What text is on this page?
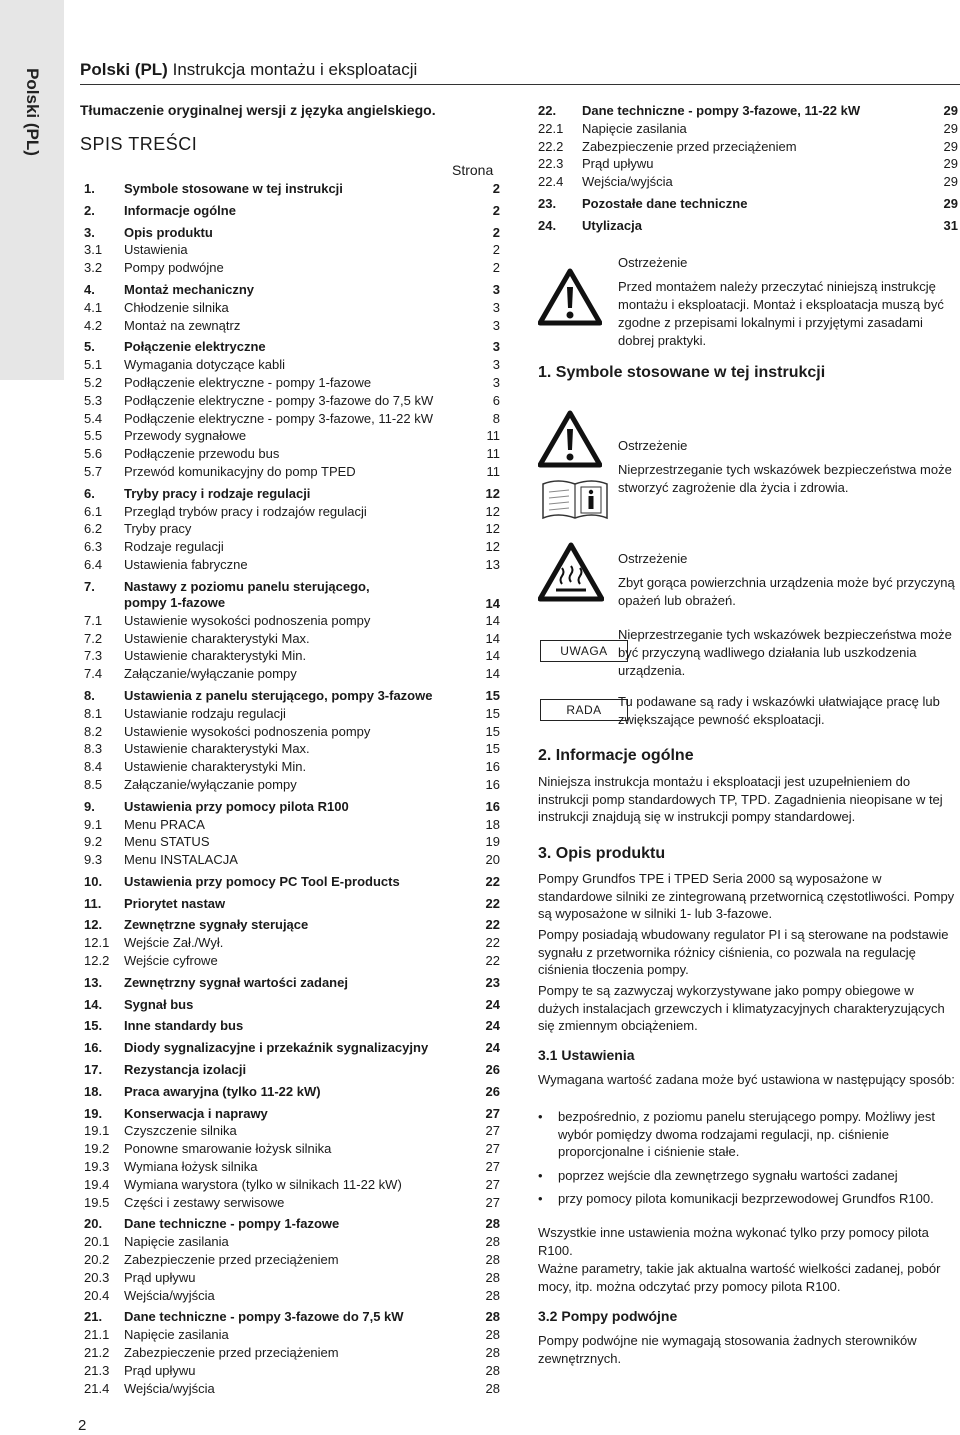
Polski (PL) Polski (PL) Instrukcja montażu i eksploatacji
Tłumaczenie oryginalnej wersji z języka angielskiego.
SPIS TREŚCI
Strona
1. Symbole stosowane w tej instrukcji	2
2. Informacje ogólne	2
3. Opis produktu	2
3.1 Ustawienia	2
3.2 Pompy podwójne	2
4. Montaż mechaniczny	3
4.1 Chłodzenie silnika	3
4.2 Montaż na zewnątrz	3
5. Połączenie elektryczne	3
5.1 Wymagania dotyczące kabli	3
5.2 Podłączenie elektryczne - pompy 1-fazowe	3
5.3 Podłączenie elektryczne - pompy 3-fazowe do 7,5 kW	6
5.4 Podłączenie elektryczne - pompy 3-fazowe, 11-22 kW	8
5.5 Przewody sygnałowe	11
5.6 Podłączenie przewodu bus	11
5.7 Przewód komunikacyjny do pomp TPED	11
6. Tryby pracy i rodzaje regulacji	12
6.1 Przegląd trybów pracy i rodzajów regulacji	12
6.2 Tryby pracy	12
6.3 Rodzaje regulacji	12
6.4 Ustawienia fabryczne	13
7. Nastawy z poziomu panelu sterującego, pompy 1-fazowe	14
7.1 Ustawienie wysokości podnoszenia pompy	14
7.2 Ustawienie charakterystyki Max.	14
7.3 Ustawienie charakterystyki Min.	14
7.4 Załączanie/wyłączanie pompy	14
8. Ustawienia z panelu sterującego, pompy 3-fazowe	15
8.1 Ustawianie rodzaju regulacji	15
8.2 Ustawienie wysokości podnoszenia pompy	15
8.3 Ustawienie charakterystyki Max.	15
8.4 Ustawienie charakterystyki Min.	16
8.5 Załączanie/wyłączanie pompy	16
9. Ustawienia przy pomocy pilota R100	16
9.1 Menu PRACA	18
9.2 Menu STATUS	19
9.3 Menu INSTALACJA	20
10. Ustawienia przy pomocy PC Tool E-products	22
11. Priorytet nastaw	22
12. Zewnętrzne sygnały sterujące	22
12.1 Wejście Zał./Wył.	22
12.2 Wejście cyfrowe	22
13. Zewnętrzny sygnał wartości zadanej	23
14. Sygnał bus	24
15. Inne standardy bus	24
16. Diody sygnalizacyjne i przekaźnik sygnalizacyjny	24
17. Rezystancja izolacji	26
18. Praca awaryjna (tylko 11-22 kW)	26
19. Konserwacja i naprawy	27
19.1 Czyszczenie silnika	27
19.2 Ponowne smarowanie łożysk silnika	27
19.3 Wymiana łożysk silnika	27
19.4 Wymiana warystora (tylko w silnikach 11-22 kW)	27
19.5 Części i zestawy serwisowe	27
20. Dane techniczne - pompy 1-fazowe	28
20.1 Napięcie zasilania	28
20.2 Zabezpieczenie przed przeciążeniem	28
20.3 Prąd upływu	28
20.4 Wejścia/wyjścia	28
21. Dane techniczne - pompy 3-fazowe do 7,5 kW	28
21.1 Napięcie zasilania	28
21.2 Zabezpieczenie przed przeciążeniem	28
21.3 Prąd upływu	28
21.4 Wejścia/wyjścia	28
22. Dane techniczne - pompy 3-fazowe, 11-22 kW	29
22.1 Napięcie zasilania	29
22.2 Zabezpieczenie przed przeciążeniem	29
22.3 Prąd upływu	29
22.4 Wejścia/wyjścia	29
23. Pozostałe dane techniczne	29
24. Utylizacja	31
Ostrzeżenie
Przed montażem należy przeczytać niniejszą instrukcję montażu i eksploatacji. Montaż i eksploatacja muszą być zgodne z przepisami lokalnymi i przyjętymi zasadami dobrej praktyki.
1. Symbole stosowane w tej instrukcji
Ostrzeżenie
Nieprzestrzeganie tych wskazówek bezpieczeństwa może stworzyć zagrożenie dla życia i zdrowia.
Ostrzeżenie
Zbyt gorąca powierzchnia urządzenia może być przyczyną opażeń lub obrażeń.
UWAGA
Nieprzestrzeganie tych wskazówek bezpieczeństwa może być przyczyną wadliwego działania lub uszkodzenia urządzenia.
RADA
Tu podawane są rady i wskazówki ułatwiające pracę lub zwiększające pewność eksploatacji.
2. Informacje ogólne
Niniejsza instrukcja montażu i eksploatacji jest uzupełnieniem do instrukcji pomp standardowych TP, TPD. Zagadnienia nieopisane w tej instrukcji znajdują się w instrukcji pompy standardowej.
3. Opis produktu
Pompy Grundfos TPE i TPED Seria 2000 są wyposażone w standardowe silniki ze zintegrowaną przetwornicą częstotliwości. Pompy są wyposażone w silniki 1- lub 3-fazowe.
Pompy posiadają wbudowany regulator PI i są sterowane na podstawie sygnału z przetwornika różnicy ciśnienia, co pozwala na regulację ciśnienia tłoczenia pompy.
Pompy te są zazwyczaj wykorzystywane jako pompy obiegowe w dużych instalacjach grzewczych i klimatyzacyjnych charakteryzujących się zmiennym obciążeniem.
3.1 Ustawienia
Wymagana wartość zadana może być ustawiona w następujący sposób:
• bezpośrednio, z poziomu panelu sterującego pompy. Możliwy jest wybór pomiędzy dwoma rodzajami regulacji, np. ciśnienie proporcjonalne i ciśnienie stałe.
• poprzez wejście dla zewnętrzego sygnału wartości zadanej
• przy pomocy pilota komunikacji bezprzewodowej Grundfos R100.
Wszystkie inne ustawienia można wykonać tylko przy pomocy pilota R100.
Ważne parametry, takie jak aktualna wartość wielkości zadanej, pobór mocy, itp. można odczytać przy pomocy pilota R100.
3.2 Pompy podwójne
Pompy podwójne nie wymagają stosowania żadnych sterowników zewnętrznych.
2
